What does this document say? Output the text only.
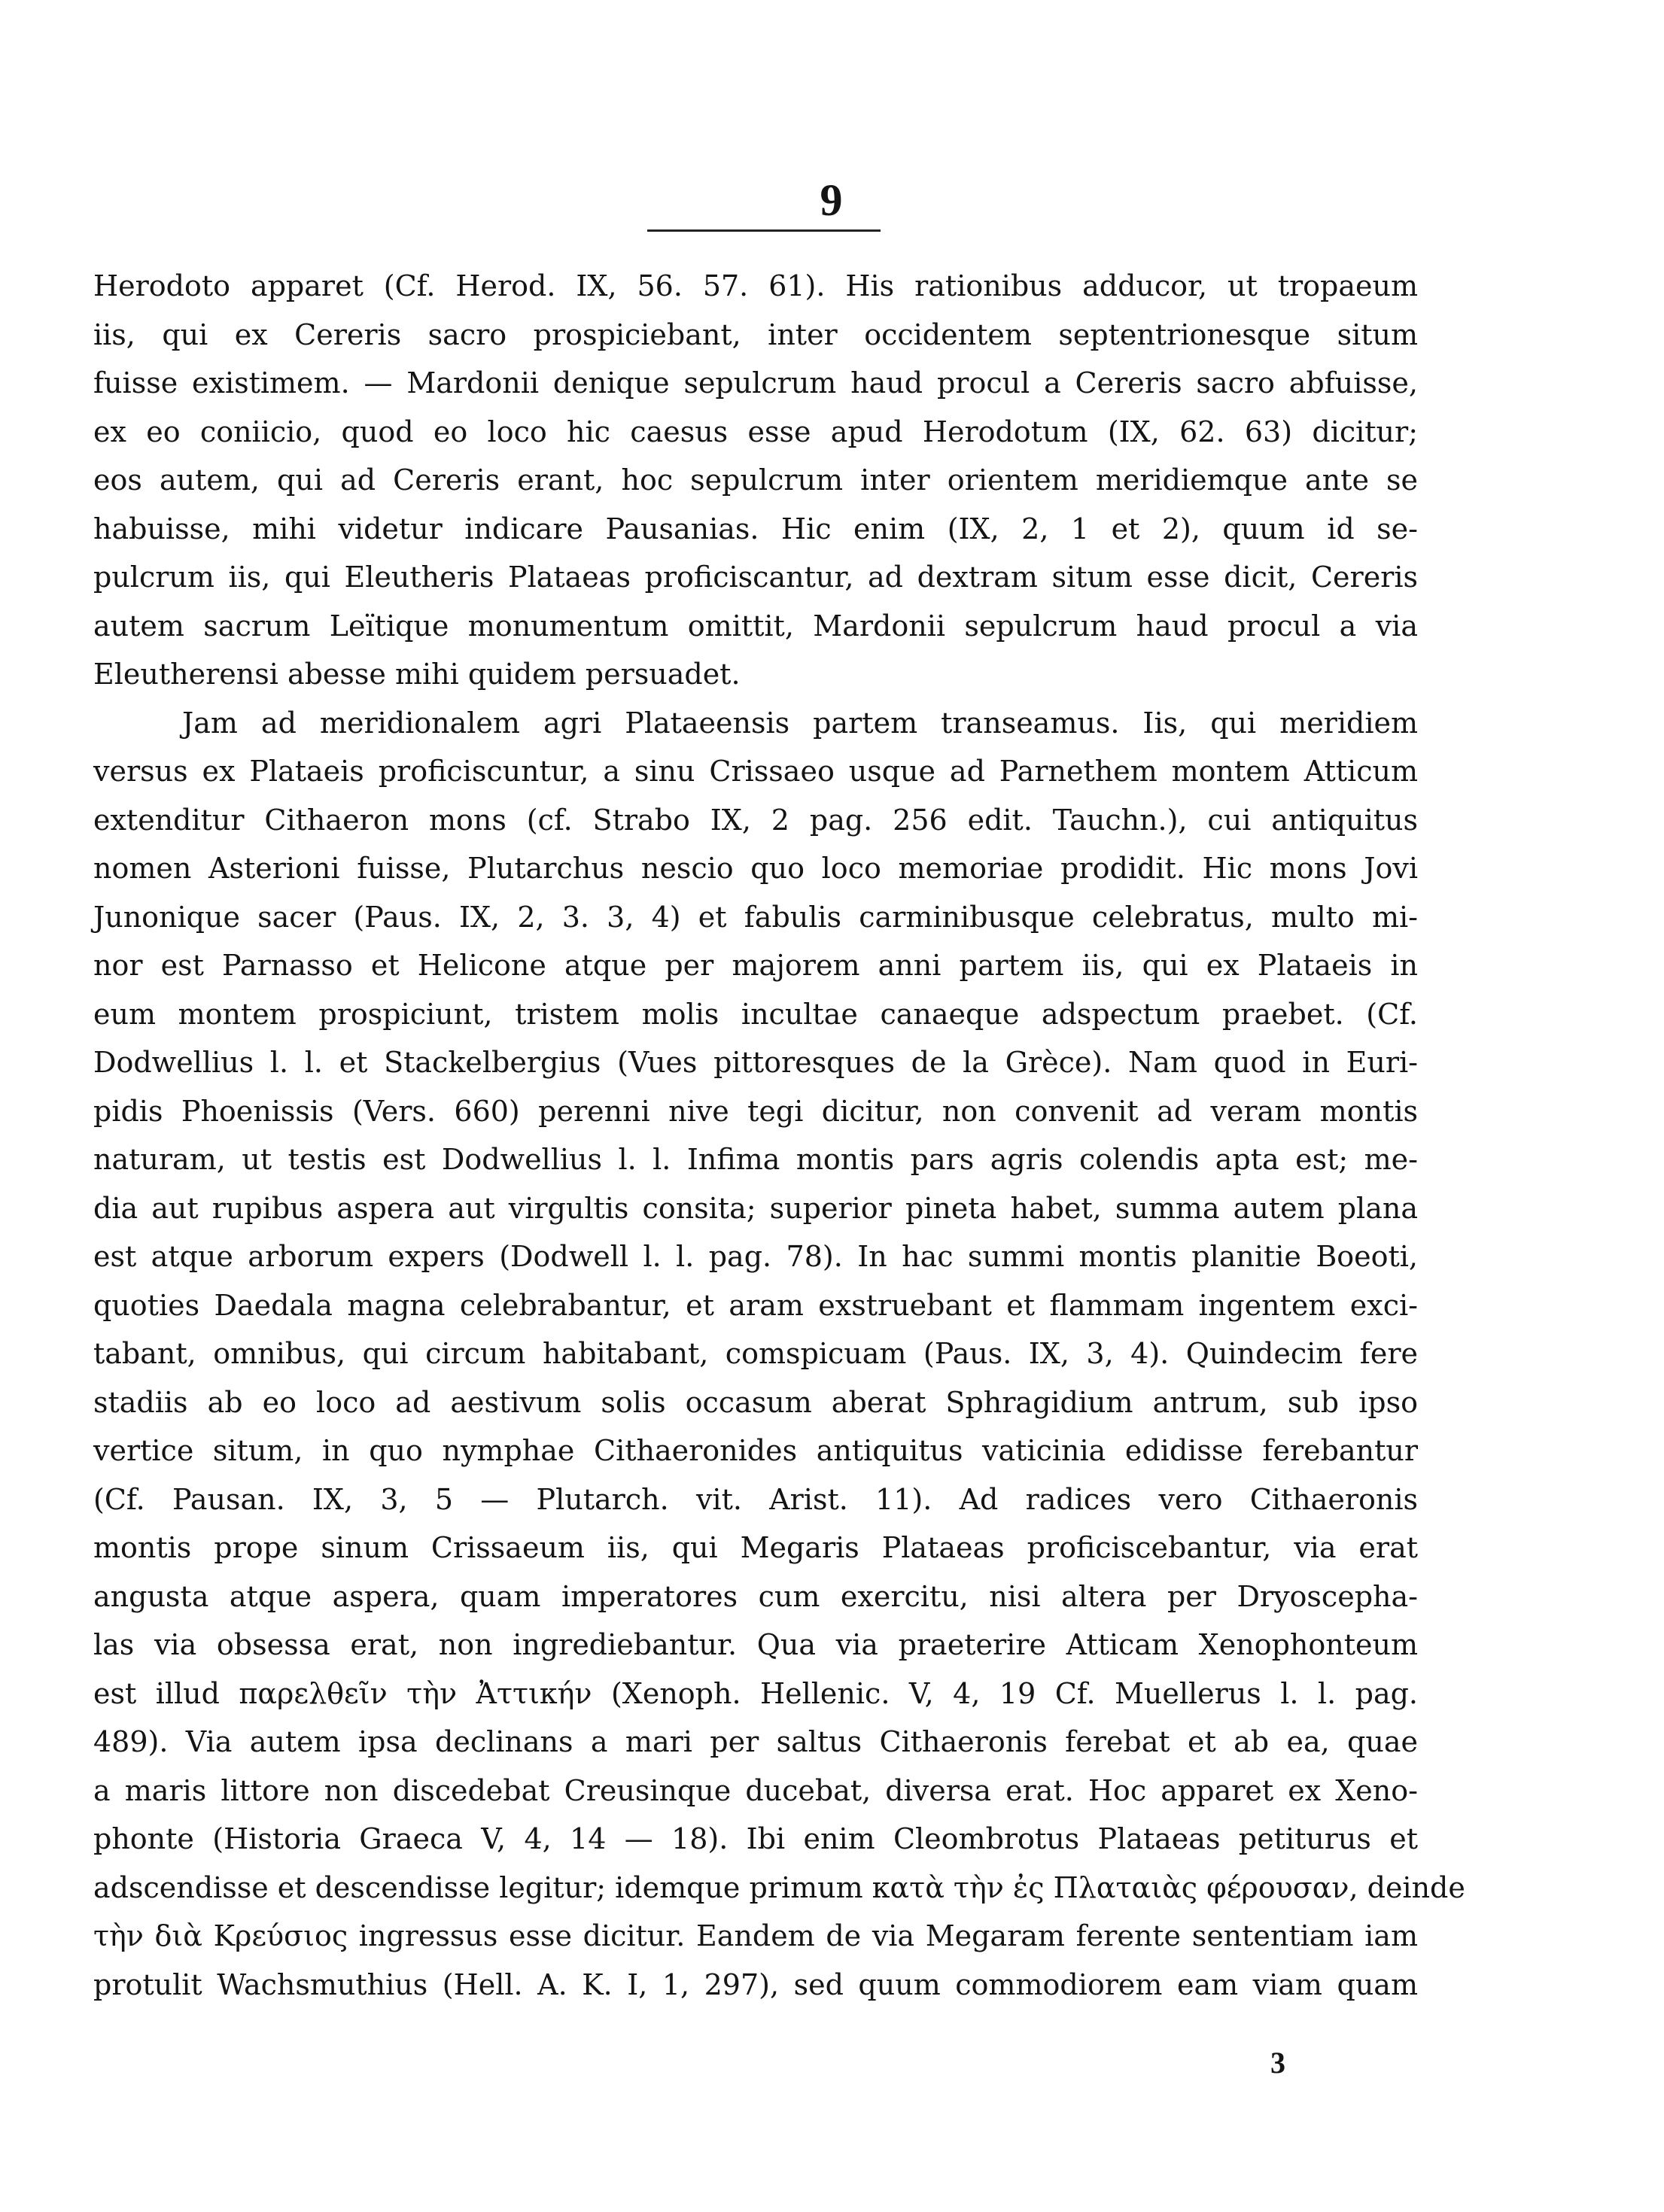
9
Herodoto apparet (Cf. Herod. IX, 56. 57. 61). His rationibus adducor, ut tropaeum
iis, qui ex Cereris sacro prospiciebant, inter occidentem septentrionesque situm
fuisse existimem. — Mardonii denique sepulcrum haud procul a Cereris sacro abfuisse,
ex eo coniicio, quod eo loco hic caesus esse apud Herodotum (IX, 62. 63) dicitur;
eos autem, qui ad Cereris erant, hoc sepulcrum inter orientem meridiemque ante se
habuisse, mihi videtur indicare Pausanias. Hic enim (IX, 2, 1 et 2), quum id se-
pulcrum iis, qui Eleutheris Plataeas proficiscantur, ad dextram situm esse dicit, Cereris
autem sacrum Leïtique monumentum omittit, Mardonii sepulcrum haud procul a via
Eleutherensi abesse mihi quidem persuadet.
Jam ad meridionalem agri Plataeensis partem transeamus. Iis, qui meridiem
versus ex Plataeis proficiscuntur, a sinu Crissaeo usque ad Parnethem montem Atticum
extenditur Cithaeron mons (cf. Strabo IX, 2 pag. 256 edit. Tauchn.), cui antiquitus
nomen Asterioni fuisse, Plutarchus nescio quo loco memoriae prodidit. Hic mons Jovi
Junonique sacer (Paus. IX, 2, 3. 3, 4) et fabulis carminibusque celebratus, multo mi-
nor est Parnasso et Helicone atque per majorem anni partem iis, qui ex Plataeis in
eum montem prospiciunt, tristem molis incultae canaeque adspectum praebet. (Cf.
Dodwellius l. l. et Stackelbergius (Vues pittoresques de la Grèce). Nam quod in Euri-
pidis Phoenissis (Vers. 660) perenni nive tegi dicitur, non convenit ad veram montis
naturam, ut testis est Dodwellius l. l. Infima montis pars agris colendis apta est; me-
dia aut rupibus aspera aut virgultis consita; superior pineta habet, summa autem plana
est atque arborum expers (Dodwell l. l. pag. 78). In hac summi montis planitie Boeoti,
quoties Daedala magna celebrabantur, et aram exstruebant et flammam ingentem exci-
tabant, omnibus, qui circum habitabant, comspicuam (Paus. IX, 3, 4). Quindecim fere
stadiis ab eo loco ad aestivum solis occasum aberat Sphragidium antrum, sub ipso
vertice situm, in quo nymphae Cithaeronides antiquitus vaticinia edidisse ferebantur
(Cf. Pausan. IX, 3, 5 — Plutarch. vit. Arist. 11). Ad radices vero Cithaeronis
montis prope sinum Crissaeum iis, qui Megaris Plataeas proficiscebantur, via erat
angusta atque aspera, quam imperatores cum exercitu, nisi altera per Dryoscepha-
las via obsessa erat, non ingrediebantur. Qua via praeterire Atticam Xenophonteum
est illud παρελθεῖν τὴν Ἀττικήν (Xenoph. Hellenic. V, 4, 19 Cf. Muellerus l. l. pag.
489). Via autem ipsa declinans a mari per saltus Cithaeronis ferebat et ab ea, quae
a maris littore non discedebat Creusinque ducebat, diversa erat. Hoc apparet ex Xeno-
phonte (Historia Graeca V, 4, 14 — 18). Ibi enim Cleombrotus Plataeas petiturus et
adscendisse et descendisse legitur; idemque primum κατὰ τὴν ἐς Πλαταιὰς φέρουσαν, deinde
τὴν διὰ Κρεύσιος ingressus esse dicitur. Eandem de via Megaram ferente sententiam iam
protulit Wachsmuthius (Hell. A. K. I, 1, 297), sed quum commodiorem eam viam quam
3
